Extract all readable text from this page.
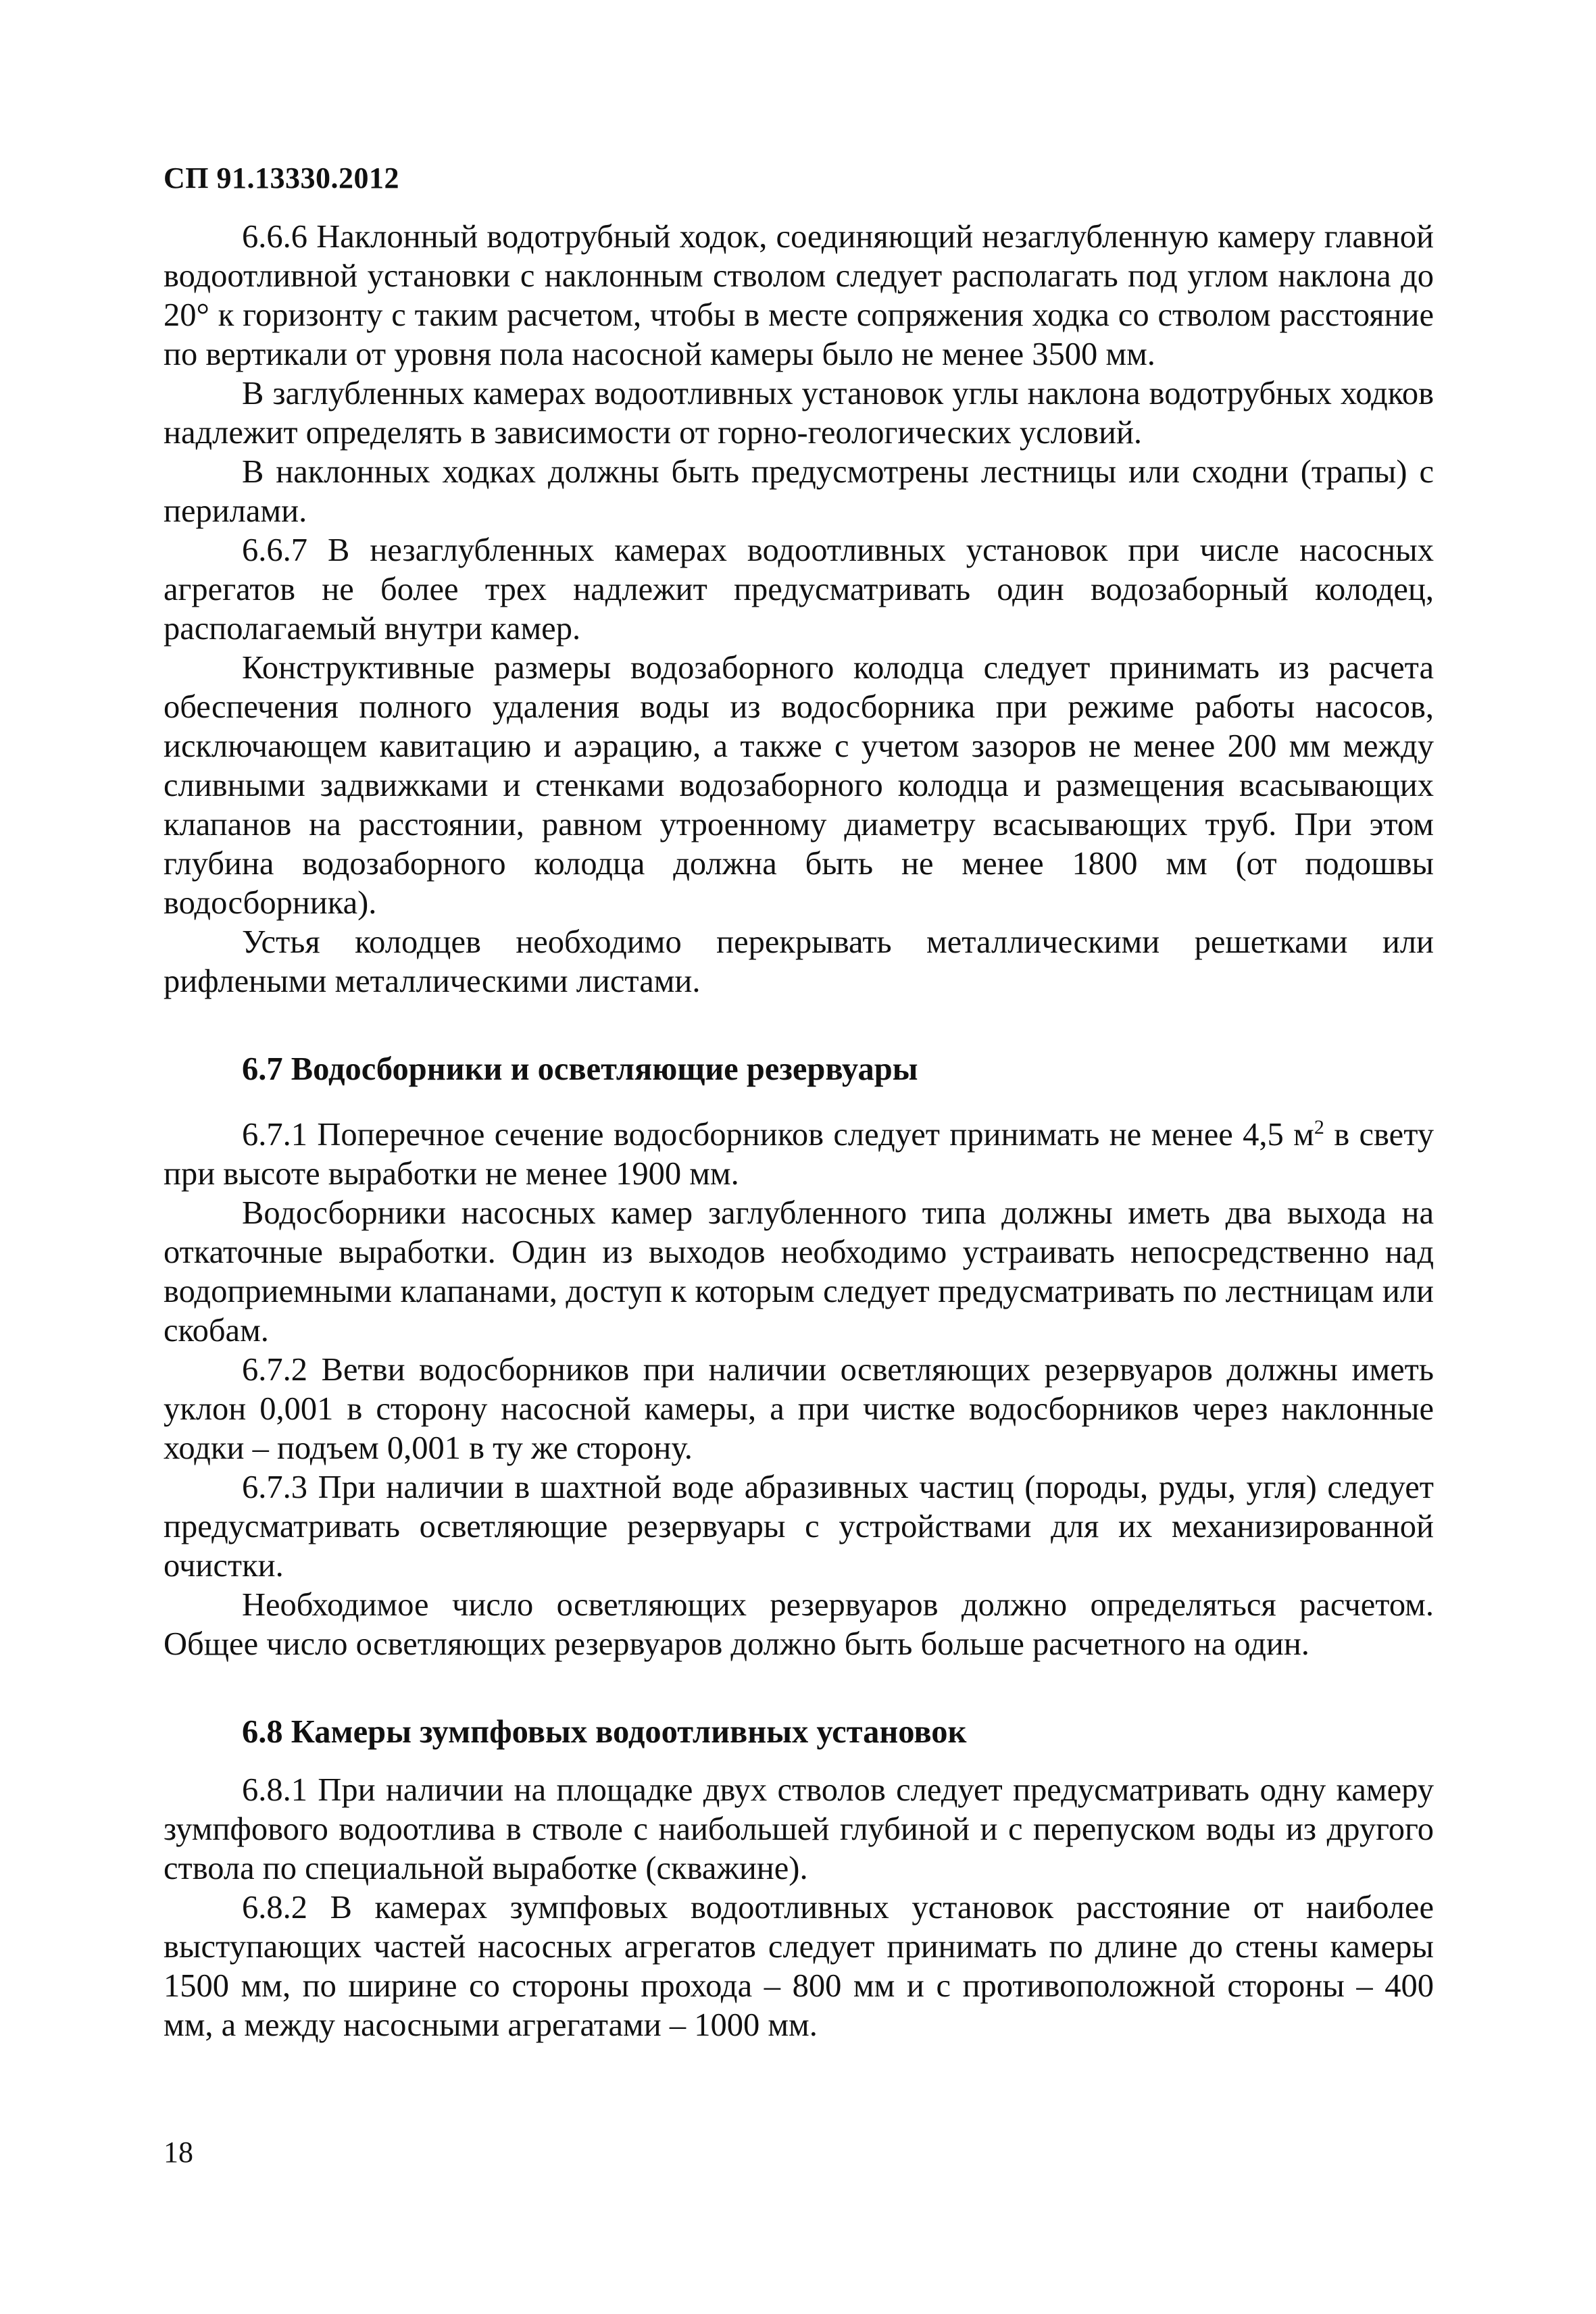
СП 91.13330.2012

6.6.6 Наклонный водотрубный ходок, соединяющий незаглубленную камеру главной водоотливной установки с наклонным стволом следует располагать под углом наклона до 20° к горизонту с таким расчетом, чтобы в месте сопряжения ходка со стволом расстояние по вертикали от уровня пола насосной камеры было не менее 3500 мм.

В заглубленных камерах водоотливных установок углы наклона водотрубных ходков надлежит определять в зависимости от горно-геологических условий.

В наклонных ходках должны быть предусмотрены лестницы или сходни (трапы) с перилами.

6.6.7 В незаглубленных камерах водоотливных установок при числе насосных агрегатов не более трех надлежит предусматривать один водозаборный колодец, располагаемый внутри камер.

Конструктивные размеры водозаборного колодца следует принимать из расчета обеспечения полного удаления воды из водосборника при режиме работы насосов, исключающем кавитацию и аэрацию, а также с учетом зазоров не менее 200 мм между сливными задвижками и стенками водозаборного колодца и размещения всасывающих клапанов на расстоянии, равном утроенному диаметру всасывающих труб. При этом глубина водозаборного колодца должна быть не менее 1800 мм (от подошвы водосборника).

Устья колодцев необходимо перекрывать металлическими решетками или рифлеными металлическими листами.

6.7 Водосборники и осветляющие резервуары

6.7.1 Поперечное сечение водосборников следует принимать не менее 4,5 $м^2$ в свету при высоте выработки не менее 1900 мм.

Водосборники насосных камер заглубленного типа должны иметь два выхода на откаточные выработки. Один из выходов необходимо устраивать непосредственно над водоприемными клапанами, доступ к которым следует предусматривать по лестницам или скобам.

6.7.2 Ветви водосборников при наличии осветляющих резервуаров должны иметь уклон 0,001 в сторону насосной камеры, а при чистке водосборников через наклонные ходки – подъем 0,001 в ту же сторону.

6.7.3 При наличии в шахтной воде абразивных частиц (породы, руды, угля) следует предусматривать осветляющие резервуары с устройствами для их механизированной очистки.

Необходимое число осветляющих резервуаров должно определяться расчетом. Общее число осветляющих резервуаров должно быть больше расчетного на один.

6.8 Камеры зумпфовых водоотливных установок

6.8.1 При наличии на площадке двух стволов следует предусматривать одну камеру зумпфового водоотлива в стволе с наибольшей глубиной и с перепуском воды из другого ствола по специальной выработке (скважине).

6.8.2 В камерах зумпфовых водоотливных установок расстояние от наиболее выступающих частей насосных агрегатов следует принимать по длине до стены камеры 1500 мм, по ширине со стороны прохода – 800 мм и с противоположной стороны – 400 мм, а между насосными агрегатами – 1000 мм.

18
